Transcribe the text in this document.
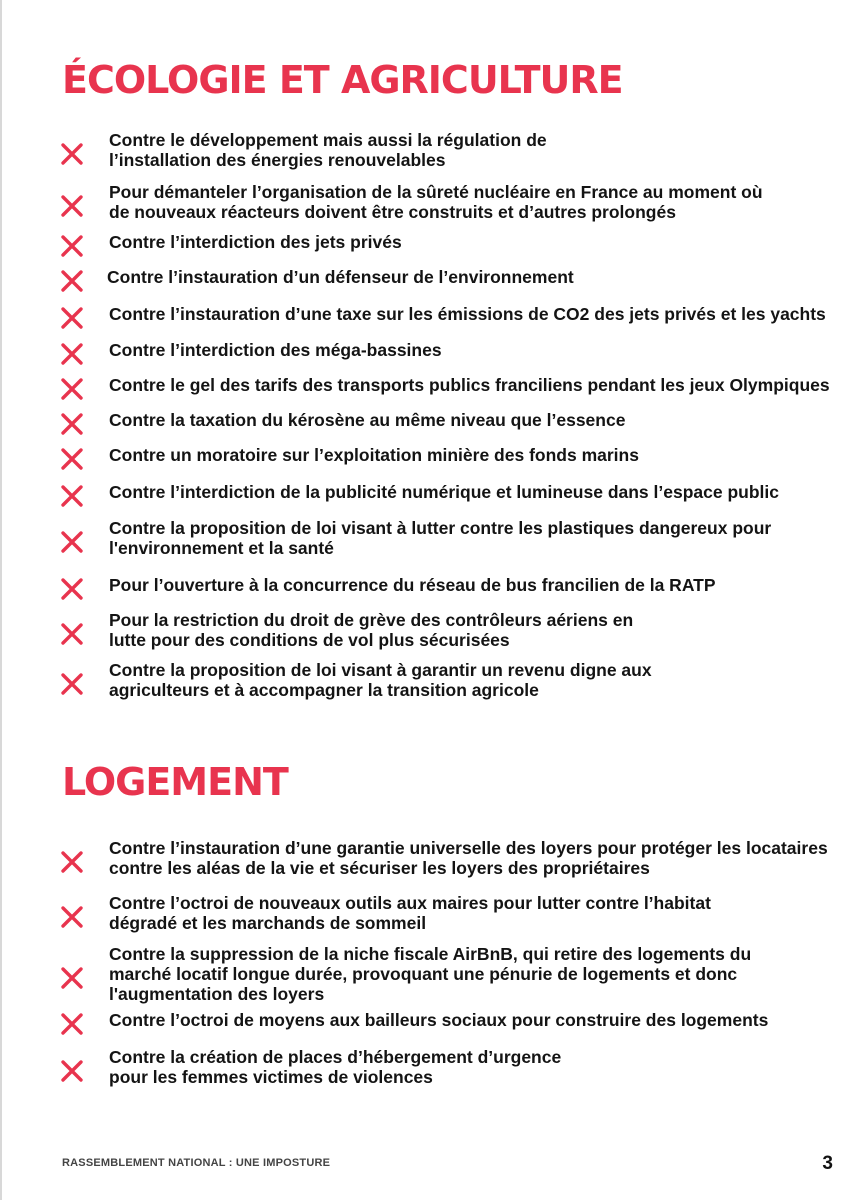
ÉCOLOGIE ET AGRICULTURE
Contre le développement mais aussi la régulation de
l’installation des énergies renouvelables
Pour démanteler l’organisation de la sûreté nucléaire en France au moment où
de nouveaux réacteurs doivent être construits et d’autres prolongés
Contre l’interdiction des jets privés
Contre l’instauration d’un défenseur de l’environnement
Contre l’instauration d’une taxe sur les émissions de CO2 des jets privés et les yachts
Contre l’interdiction des méga-bassines
Contre le gel des tarifs des transports publics franciliens pendant les jeux Olympiques
Contre la taxation du kérosène au même niveau que l’essence
Contre un moratoire sur l’exploitation minière des fonds marins
Contre l’interdiction de la publicité numérique et lumineuse dans l’espace public
Contre la proposition de loi visant à lutter contre les plastiques dangereux pour
l'environnement et la santé
Pour l’ouverture à la concurrence du réseau de bus francilien de la RATP
Pour la restriction du droit de grève des contrôleurs aériens en
lutte pour des conditions de vol plus sécurisées
Contre la proposition de loi visant à garantir un revenu digne aux
agriculteurs et à accompagner la transition agricole
LOGEMENT
Contre l’instauration d’une garantie universelle des loyers pour protéger les locataires
contre les aléas de la vie et sécuriser les loyers des propriétaires
Contre l’octroi de nouveaux outils aux maires pour lutter contre l’habitat
dégradé et les marchands de sommeil
Contre la suppression de la niche fiscale AirBnB, qui retire des logements du
marché locatif longue durée, provoquant une pénurie de logements et donc
l'augmentation des loyers
Contre l’octroi de moyens aux bailleurs sociaux pour construire des logements
Contre la création de places d’hébergement d’urgence
pour les femmes victimes de violences
RASSEMBLEMENT NATIONAL : UNE IMPOSTURE	3
